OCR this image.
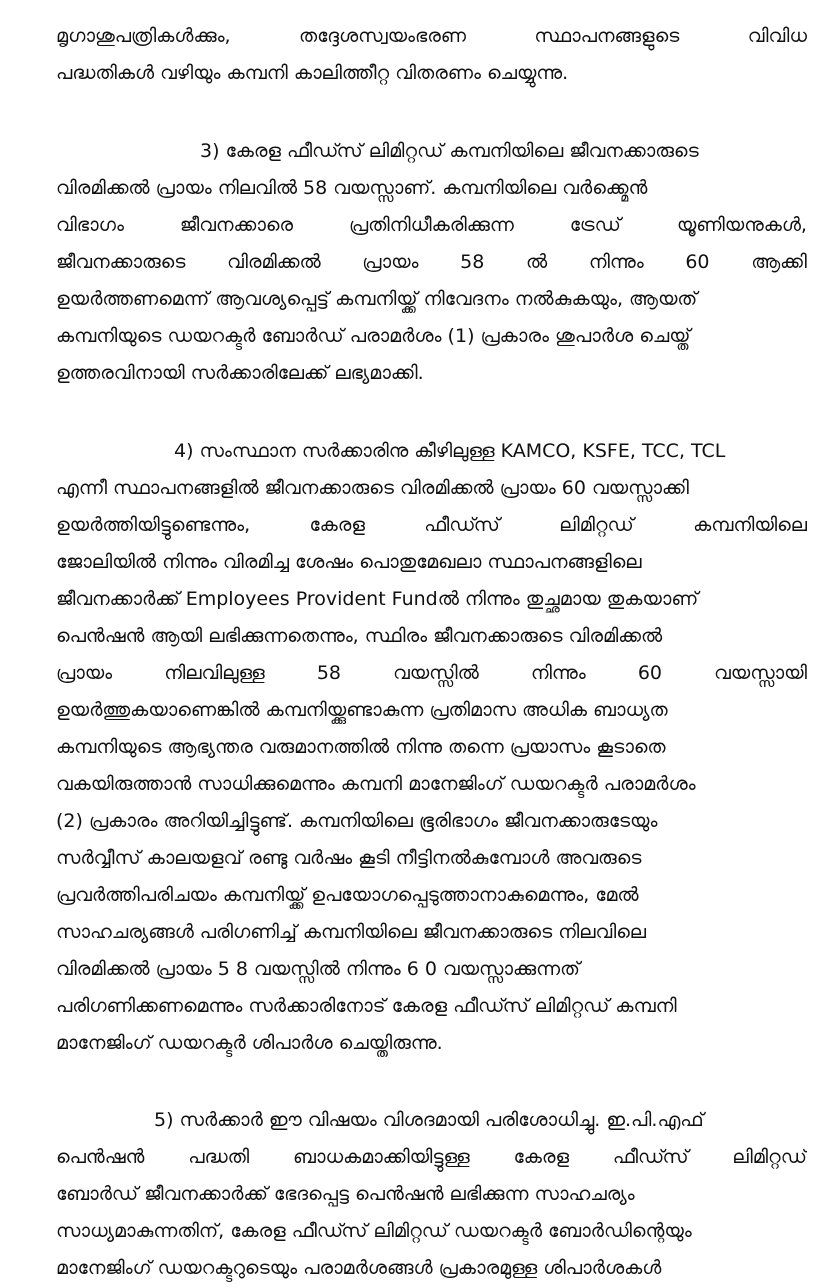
മൃഗാശുപത്രികൾക്കും,	തദ്ദേശസ്വയംഭരണ	സ്ഥാപനങ്ങളുടെ	വിവിധ
പദ്ധതികൾ വഴിയും കമ്പനി കാലിത്തീറ്റ വിതരണം ചെയ്യുന്നു.
3) കേരള ഫീഡ്സ് ലിമിറ്റഡ് കമ്പനിയിലെ ജീവനക്കാരുടെ
വിരമിക്കൽ പ്രായം നിലവിൽ 58 വയസ്സാണ്. കമ്പനിയിലെ വർക്ക്മെൻ
വിഭാഗം	ജീവനക്കാരെ	പ്രതിനിധീകരിക്കുന്ന	ട്രേഡ്	യൂണിയനുകൾ,
ജീവനക്കാരുടെ വിരമിക്കൽ പ്രായം 58 ൽ നിന്നും 60 ആക്കി
ഉയർത്തണമെന്ന് ആവശ്യപ്പെട്ട് കമ്പനിയ്ക്ക് നിവേദനം നൽകുകയും, ആയത്
കമ്പനിയുടെ ഡയറക്ടർ ബോർഡ് പരാമർശം (1) പ്രകാരം ശുപാർശ ചെയ്ത്
ഉത്തരവിനായി സർക്കാരിലേക്ക് ലഭ്യമാക്കി.
4) സംസ്ഥാന സർക്കാരിനു കീഴിലുള്ള KAMCO, KSFE, TCC, TCL
എന്നീ സ്ഥാപനങ്ങളിൽ ജീവനക്കാരുടെ വിരമിക്കൽ പ്രായം 60 വയസ്സാക്കി
ഉയർത്തിയിട്ടുണ്ടെന്നും,	കേരള	ഫീഡ്സ്	ലിമിറ്റഡ്	കമ്പനിയിലെ
ജോലിയിൽ നിന്നും വിരമിച്ച ശേഷം പൊതുമേഖലാ സ്ഥാപനങ്ങളിലെ
ജീവനക്കാർക്ക് Employees Provident Fundൽ നിന്നും തുച്ഛമായ തുകയാണ്
പെൻഷൻ ആയി ലഭിക്കുന്നതെന്നും, സ്ഥിരം ജീവനക്കാരുടെ വിരമിക്കൽ
പ്രായം	നിലവിലുള്ള	58	വയസ്സിൽ	നിന്നും	60	വയസ്സായി
ഉയർത്തുകയാണെങ്കിൽ കമ്പനിയ്ക്കുണ്ടാകുന്ന പ്രതിമാസ അധിക ബാധ്യത
കമ്പനിയുടെ ആഭ്യന്തര വരുമാനത്തിൽ നിന്നു തന്നെ പ്രയാസം കൂടാതെ
വകയിരുത്താൻ സാധിക്കുമെന്നും കമ്പനി മാനേജിംഗ് ഡയറക്ടർ പരാമർശം
(2) പ്രകാരം അറിയിച്ചിട്ടുണ്ട്. കമ്പനിയിലെ ഭൂരിഭാഗം ജീവനക്കാരുടേയും
സർവ്വീസ് കാലയളവ് രണ്ടു വർഷം കൂടി നീട്ടിനൽകുമ്പോൾ അവരുടെ
പ്രവർത്തിപരിചയം കമ്പനിയ്ക്ക് ഉപയോഗപ്പെടുത്താനാകുമെന്നും, മേൽ
സാഹചര്യങ്ങൾ പരിഗണിച്ച് കമ്പനിയിലെ ജീവനക്കാരുടെ നിലവിലെ
വിരമിക്കൽ പ്രായം 5 8 വയസ്സിൽ നിന്നും 6 0 വയസ്സാക്കുന്നത്
പരിഗണിക്കണമെന്നും സർക്കാരിനോട് കേരള ഫീഡ്സ് ലിമിറ്റഡ് കമ്പനി
മാനേജിംഗ് ഡയറക്ടർ ശിപാർശ ചെയ്തിരുന്നു.
5) സർക്കാർ ഈ വിഷയം വിശദമായി പരിശോധിച്ചു. ഇ.പി.എഫ്
പെൻഷൻ പദ്ധതി ബാധകമാക്കിയിട്ടുള്ള കേരള ഫീഡ്സ് ലിമിറ്റഡ്
ബോർഡ് ജീവനക്കാർക്ക് ഭേദപ്പെട്ട പെൻഷൻ ലഭിക്കുന്ന സാഹചര്യം
സാധ്യമാകുന്നതിന്, കേരള ഫീഡ്സ് ലിമിറ്റഡ് ഡയറക്ടർ ബോർഡിന്റെയും
മാനേജിംഗ് ഡയറക്ടറുടെയും പരാമർശങ്ങൾ പ്രകാരമുള്ള ശിപാർശകൾ
